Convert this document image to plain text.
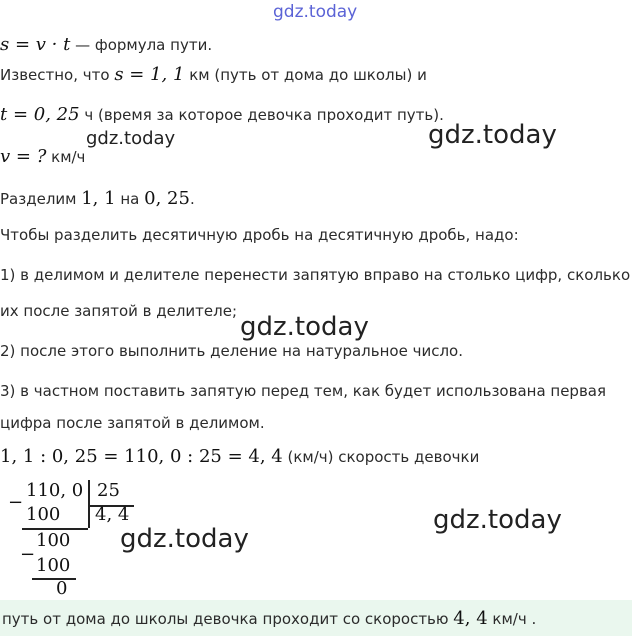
gdz.today
gdz.today	gdz.today
gdz.today
gdz.today
gdz.today
s = v · t — формула пути.
Известно, что s = 1, 1 км (путь от дома до школы) и
t = 0, 25 ч (время за которое девочка проходит путь).
v = ? км/ч
Разделим 1, 1 на 0, 25.
Чтобы разделить десятичную дробь на десятичную дробь, надо:
1) в делимом и делителе перенести запятую вправо на столько цифр, сколько
их после запятой в делителе;
2) после этого выполнить деление на натуральное число.
3) в частном поставить запятую перед тем, как будет использована первая
цифра после запятой в делимом.
1, 1 : 0, 25 = 110, 0 : 25 = 4, 4 (км/ч) скорость девочки
110, 0 25
−
100 4, 4
100
−
100
0
путь от дома до школы девочка проходит со скоростью 4, 4 км/ч .
